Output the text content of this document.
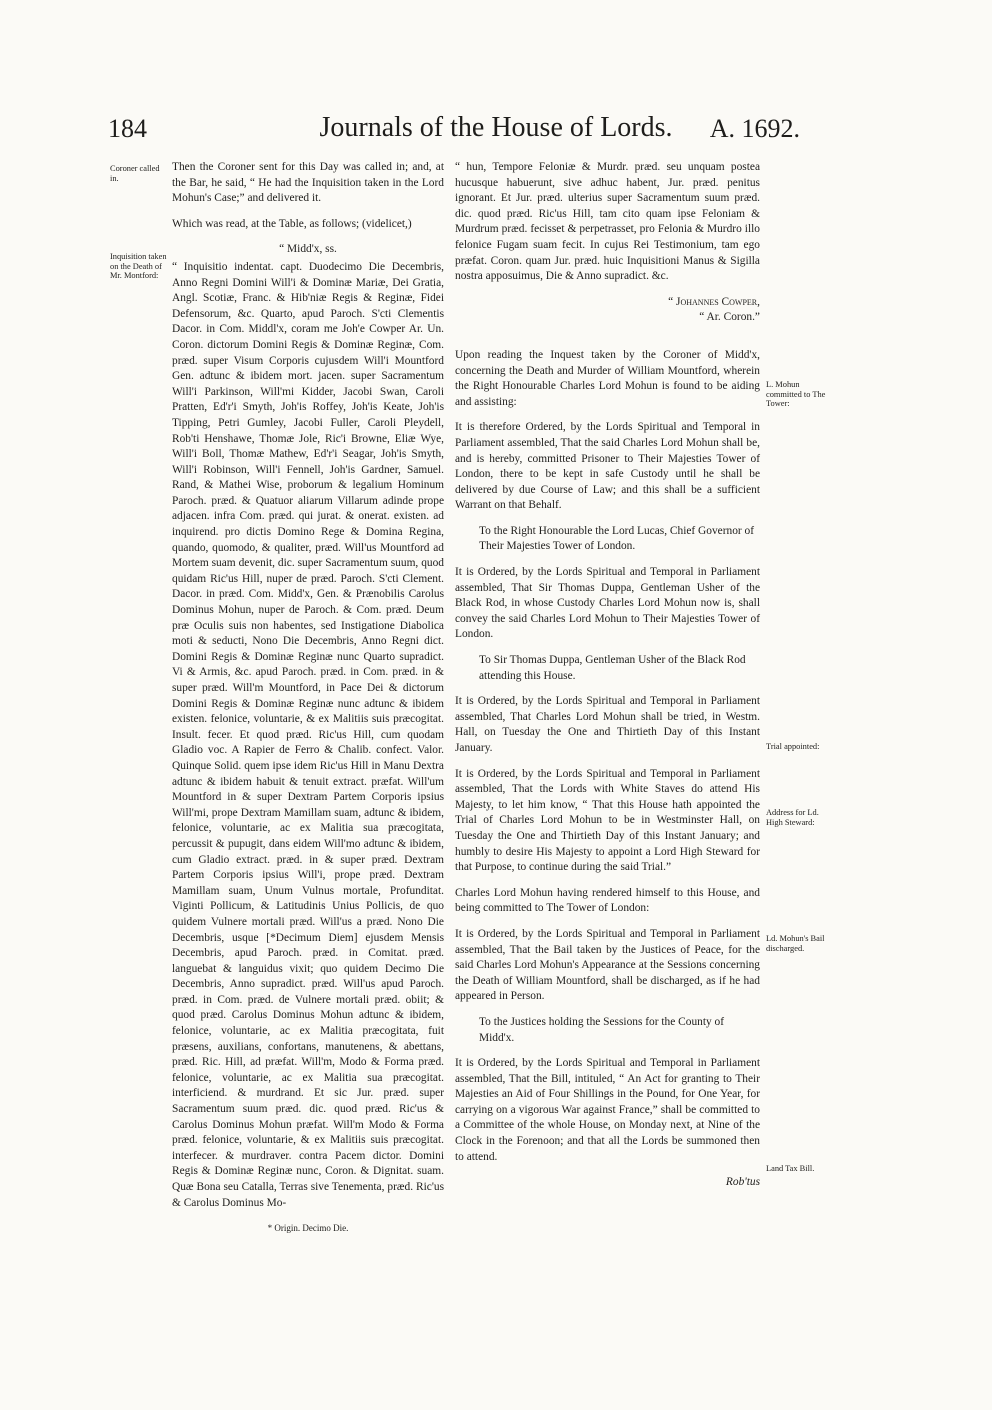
184	Journals of the House of Lords.	A. 1692.
Coroner called in.
Inquisition taken on the Death of Mr. Montford:
L. Mohun committed to The Tower:
Trial appointed:
Address for Ld. High Steward:
Ld. Mohun's Bail discharged.
Land Tax Bill.

Then the Coroner sent for this Day was called in; and, at the Bar, he said, “ He had the Inquisition taken in the Lord Mohun's Case;” and delivered it.

Which was read, at the Table, as follows; (videlicet,)

“ Midd'x, ss.

“ Inquisitio indentat. capt. Duodecimo Die Decembris, Anno Regni Domini Will'i & Dominæ Mariæ, Dei Gratia, Angl. Scotiæ, Franc. & Hib'niæ Regis & Reginæ, Fidei Defensorum, &c. Quarto, apud Paroch. S'cti Clementis Dacor. in Com. Middl'x, coram me Joh'e Cowper Ar. Un. Coron. dictorum Domini Regis & Dominæ Reginæ, Com. præd. super Visum Corporis cujusdem Will'i Mountford Gen. adtunc & ibidem mort. jacen. super Sacramentum Will'i Parkinson, Will'mi Kidder, Jacobi Swan, Caroli Pratten, Ed'r'i Smyth, Joh'is Roffey, Joh'is Keate, Joh'is Tipping, Petri Gumley, Jacobi Fuller, Caroli Pleydell, Rob'ti Henshawe, Thomæ Jole, Ric'i Browne, Eliæ Wye, Will'i Boll, Thomæ Mathew, Ed'r'i Seagar, Joh'is Smyth, Will'i Robinson, Will'i Fennell, Joh'is Gardner, Samuel. Rand, & Mathei Wise, proborum & legalium Hominum Paroch. præd. & Quatuor aliarum Villarum adinde prope adjacen. infra Com. præd. qui jurat. & onerat. existen. ad inquirend. pro dictis Domino Rege & Domina Regina, quando, quomodo, & qualiter, præd. Will'us Mountford ad Mortem suam devenit, dic. super Sacramentum suum, quod quidam Ric'us Hill, nuper de præd. Paroch. S'cti Clement. Dacor. in præd. Com. Midd'x, Gen. & Prænobilis Carolus Dominus Mohun, nuper de Paroch. & Com. præd. Deum præ Oculis suis non habentes, sed Instigatione Diabolica moti & seducti, Nono Die Decembris, Anno Regni dict. Domini Regis & Dominæ Reginæ nunc Quarto supradict. Vi & Armis, &c. apud Paroch. præd. in Com. præd. in & super præd. Will'm Mountford, in Pace Dei & dictorum Domini Regis & Dominæ Reginæ nunc adtunc & ibidem existen. felonice, voluntarie, & ex Malitiis suis præcogitat. Insult. fecer. Et quod præd. Ric'us Hill, cum quodam Gladio voc. A Rapier de Ferro & Chalib. confect. Valor. Quinque Solid. quem ipse idem Ric'us Hill in Manu Dextra adtunc & ibidem habuit & tenuit extract. præfat. Will'um Mountford in & super Dextram Partem Corporis ipsius Will'mi, prope Dextram Mamillam suam, adtunc & ibidem, felonice, voluntarie, ac ex Malitia sua præcogitata, percussit & pupugit, dans eidem Will'mo adtunc & ibidem, cum Gladio extract. præd. in & super præd. Dextram Partem Corporis ipsius Will'i, prope præd. Dextram Mamillam suam, Unum Vulnus mortale, Profunditat. Viginti Pollicum, & Latitudinis Unius Pollicis, de quo quidem Vulnere mortali præd. Will'us a præd. Nono Die Decembris, usque [*Decimum Diem] ejusdem Mensis Decembris, apud Paroch. præd. in Comitat. præd. languebat & languidus vixit; quo quidem Decimo Die Decembris, Anno supradict. præd. Will'us apud Paroch. præd. in Com. præd. de Vulnere mortali præd. obiit; & quod præd. Carolus Dominus Mohun adtunc & ibidem, felonice, voluntarie, ac ex Malitia præcogitata, fuit præsens, auxilians, confortans, manutenens, & abettans, præd. Ric. Hill, ad præfat. Will'm, Modo & Forma præd. felonice, voluntarie, ac ex Malitia sua præcogitat. interficiend. & murdrand. Et sic Jur. præd. super Sacramentum suum præd. dic. quod præd. Ric'us & Carolus Dominus Mohun præfat. Will'm Modo & Forma præd. felonice, voluntarie, & ex Malitiis suis præcogitat. interfecer. & murdraver. contra Pacem dictor. Domini Regis & Dominæ Reginæ nunc, Coron. & Dignitat. suam. Quæ Bona seu Catalla, Terras sive Tenementa, præd. Ric'us & Carolus Dominus Mo-

* Origin. Decimo Die.

“ hun, Tempore Feloniæ & Murdr. præd. seu unquam postea hucusque habuerunt, sive adhuc habent, Jur. præd. penitus ignorant. Et Jur. præd. ulterius super Sacramentum suum præd. dic. quod præd. Ric'us Hill, tam cito quam ipse Feloniam & Murdrum præd. fecisset & perpetrasset, pro Felonia & Murdro illo felonice Fugam suam fecit. In cujus Rei Testimonium, tam ego præfat. Coron. quam Jur. præd. huic Inquisitioni Manus & Sigilla nostra apposuimus, Die & Anno supradict. &c.

“ Johannes Cowper,

“ Ar. Coron.”

Upon reading the Inquest taken by the Coroner of Midd'x, concerning the Death and Murder of William Mountford, wherein the Right Honourable Charles Lord Mohun is found to be aiding and assisting:

It is therefore Ordered, by the Lords Spiritual and Temporal in Parliament assembled, That the said Charles Lord Mohun shall be, and is hereby, committed Prisoner to Their Majesties Tower of London, there to be kept in safe Custody until he shall be delivered by due Course of Law; and this shall be a sufficient Warrant on that Behalf.

To the Right Honourable the Lord Lucas, Chief Governor of Their Majesties Tower of London.

It is Ordered, by the Lords Spiritual and Temporal in Parliament assembled, That Sir Thomas Duppa, Gentleman Usher of the Black Rod, in whose Custody Charles Lord Mohun now is, shall convey the said Charles Lord Mohun to Their Majesties Tower of London.

To Sir Thomas Duppa, Gentleman Usher of the Black Rod attending this House.

It is Ordered, by the Lords Spiritual and Temporal in Parliament assembled, That Charles Lord Mohun shall be tried, in Westm. Hall, on Tuesday the One and Thirtieth Day of this Instant January.

It is Ordered, by the Lords Spiritual and Temporal in Parliament assembled, That the Lords with White Staves do attend His Majesty, to let him know, “ That this House hath appointed the Trial of Charles Lord Mohun to be in Westminster Hall, on Tuesday the One and Thirtieth Day of this Instant January; and humbly to desire His Majesty to appoint a Lord High Steward for that Purpose, to continue during the said Trial.”

Charles Lord Mohun having rendered himself to this House, and being committed to The Tower of London:

It is Ordered, by the Lords Spiritual and Temporal in Parliament assembled, That the Bail taken by the Justices of Peace, for the said Charles Lord Mohun's Appearance at the Sessions concerning the Death of William Mountford, shall be discharged, as if he had appeared in Person.

To the Justices holding the Sessions for the County of Midd'x.

It is Ordered, by the Lords Spiritual and Temporal in Parliament assembled, That the Bill, intituled, “ An Act for granting to Their Majesties an Aid of Four Shillings in the Pound, for One Year, for carrying on a vigorous War against France,” shall be committed to a Committee of the whole House, on Monday next, at Nine of the Clock in the Forenoon; and that all the Lords be summoned then to attend.

Rob'tus
